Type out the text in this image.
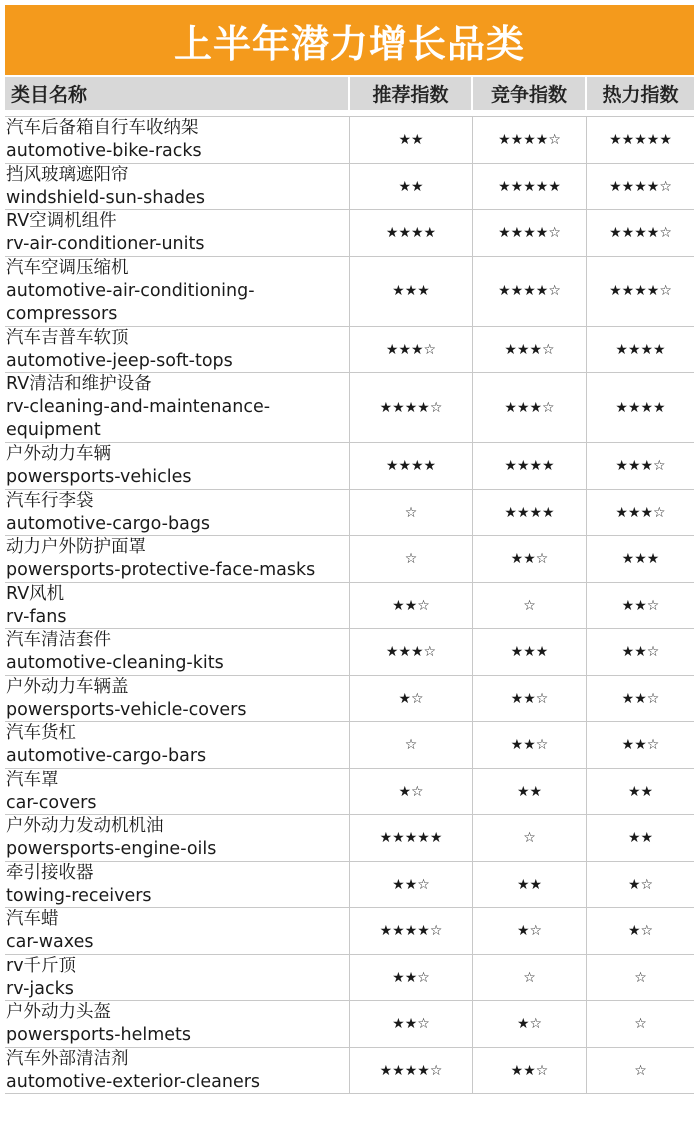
上半年潜力增长品类
类目名称	推荐指数	竞争指数	热力指数
汽车后备箱自行车收纳架
automotive-bike-racks
★★	★★★★☆	★★★★★
挡风玻璃遮阳帘
windshield-sun-shades
★★	★★★★★	★★★★☆
RV空调机组件
rv-air-conditioner-units
★★★★	★★★★☆	★★★★☆
汽车空调压缩机
automotive-air-conditioning-
compressors
★★★	★★★★☆	★★★★☆
汽车吉普车软顶
automotive-jeep-soft-tops
★★★☆	★★★☆	★★★★
RV清洁和维护设备
rv-cleaning-and-maintenance-
equipment
★★★★☆	★★★☆	★★★★
户外动力车辆
powersports-vehicles
★★★★	★★★★	★★★☆
汽车行李袋
automotive-cargo-bags
☆	★★★★	★★★☆
动力户外防护面罩
powersports-protective-face-masks
☆	★★☆	★★★
RV风机
rv-fans
★★☆	☆	★★☆
汽车清洁套件
automotive-cleaning-kits
★★★☆	★★★	★★☆
户外动力车辆盖
powersports-vehicle-covers
★☆	★★☆	★★☆
汽车货杠
automotive-cargo-bars
☆	★★☆	★★☆
汽车罩
car-covers
★☆	★★	★★
户外动力发动机机油
powersports-engine-oils
★★★★★	☆	★★
牵引接收器
towing-receivers
★★☆	★★	★☆
汽车蜡
car-waxes
★★★★☆	★☆	★☆
rv千斤顶
rv-jacks
★★☆	☆	☆
户外动力头盔
powersports-helmets
★★☆	★☆	☆
汽车外部清洁剂
automotive-exterior-cleaners
★★★★☆	★★☆	☆
